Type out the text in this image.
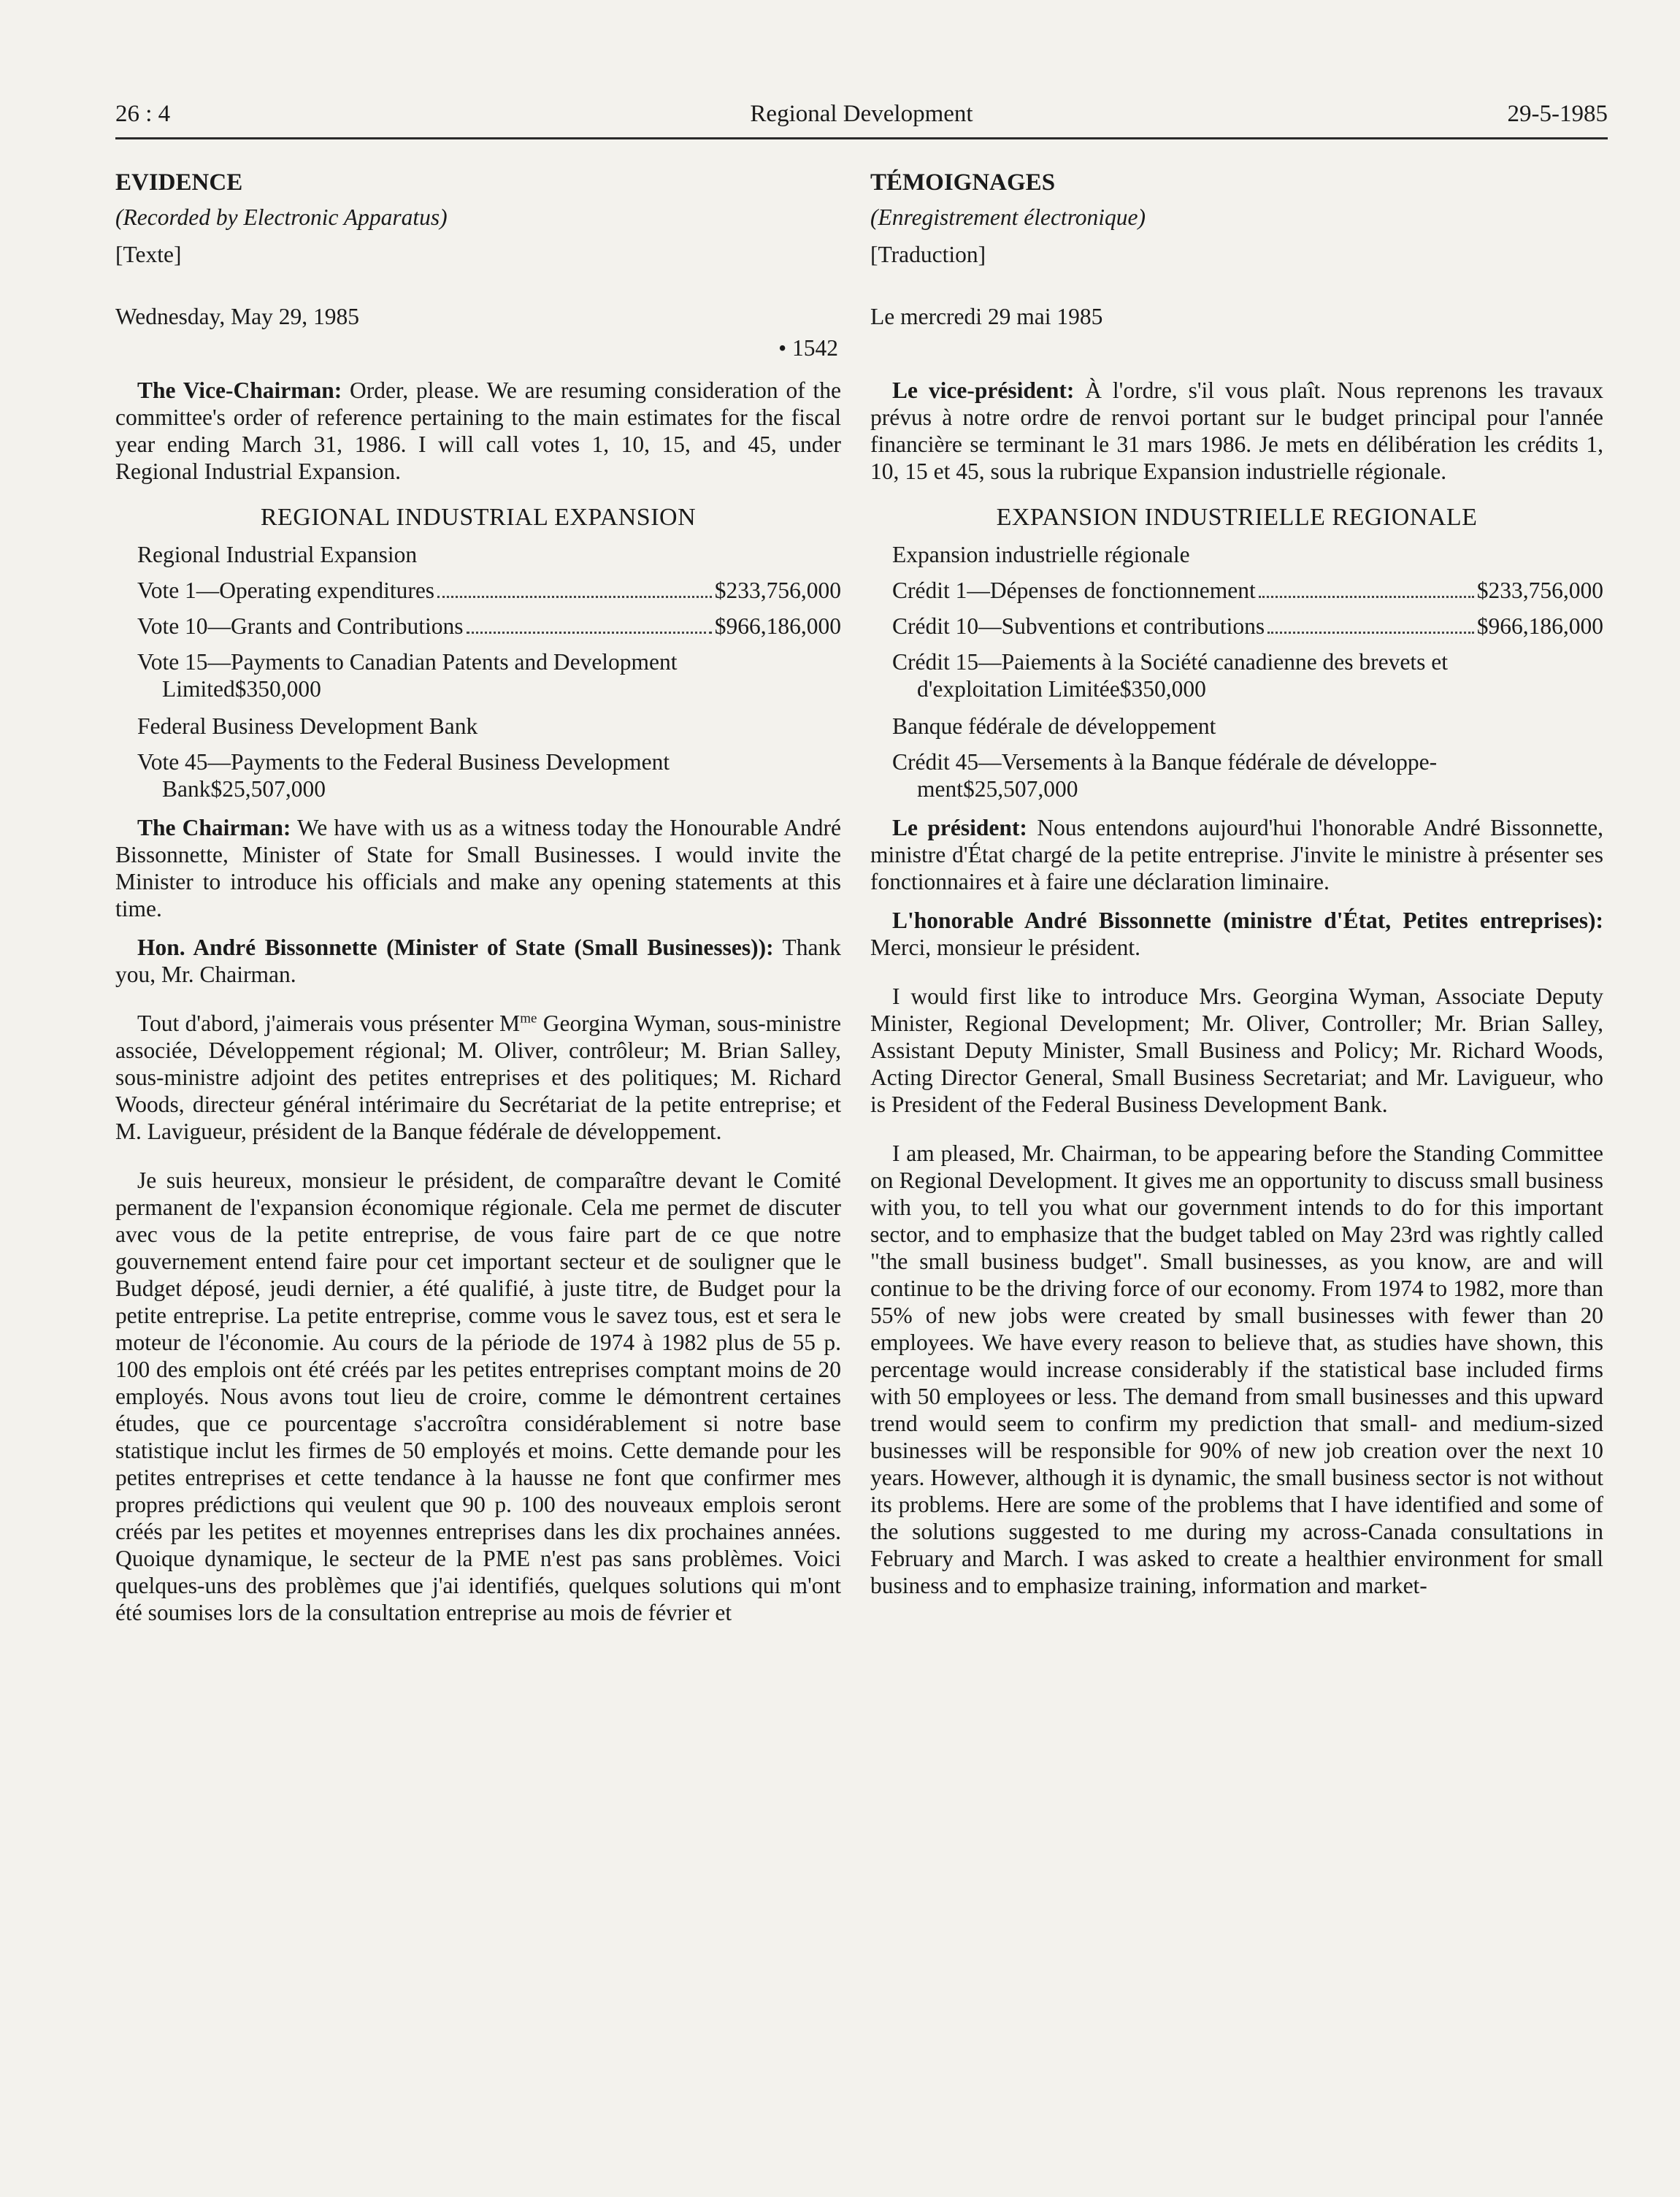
26 : 4	Regional Development	29-5-1985
EVIDENCE
(Recorded by Electronic Apparatus)
[Texte]
Wednesday, May 29, 1985
• 1542

The Vice-Chairman: Order, please. We are resuming consideration of the committee's order of reference pertaining to the main estimates for the fiscal year ending March 31, 1986. I will call votes 1, 10, 15, and 45, under Regional Industrial Expansion.

REGIONAL INDUSTRIAL EXPANSION
Regional Industrial Expansion
Vote 1—Operating expenditures	$233,756,000
Vote 10—Grants and Contributions	$966,186,000
Vote 15—Payments to Canadian Patents and Development
Limited $350,000
Federal Business Development Bank
Vote 45—Payments to the Federal Business Development
Bank $25,507,000

The Chairman: We have with us as a witness today the Honourable André Bissonnette, Minister of State for Small Businesses. I would invite the Minister to introduce his officials and make any opening statements at this time.

Hon. André Bissonnette (Minister of State (Small Businesses)): Thank you, Mr. Chairman.

Tout d'abord, j'aimerais vous présenter $M^{me}$ Georgina Wyman, sous-ministre associée, Développement régional; M. Oliver, contrôleur; M. Brian Salley, sous-ministre adjoint des petites entreprises et des politiques; M. Richard Woods, directeur général intérimaire du Secrétariat de la petite entreprise; et M. Lavigueur, président de la Banque fédérale de développement.

Je suis heureux, monsieur le président, de comparaître devant le Comité permanent de l'expansion économique régionale. Cela me permet de discuter avec vous de la petite entreprise, de vous faire part de ce que notre gouvernement entend faire pour cet important secteur et de souligner que le Budget déposé, jeudi dernier, a été qualifié, à juste titre, de Budget pour la petite entreprise. La petite entreprise, comme vous le savez tous, est et sera le moteur de l'économie. Au cours de la période de 1974 à 1982 plus de 55 p. 100 des emplois ont été créés par les petites entreprises comptant moins de 20 employés. Nous avons tout lieu de croire, comme le démontrent certaines études, que ce pourcentage s'accroîtra considérablement si notre base statistique inclut les firmes de 50 employés et moins. Cette demande pour les petites entreprises et cette tendance à la hausse ne font que confirmer mes propres prédictions qui veulent que 90 p. 100 des nouveaux emplois seront créés par les petites et moyennes entreprises dans les dix prochaines années. Quoique dynamique, le secteur de la PME n'est pas sans problèmes. Voici quelques-uns des problèmes que j'ai identifiés, quelques solutions qui m'ont été soumises lors de la consultation entreprise au mois de février et

TÉMOIGNAGES
(Enregistrement électronique)
[Traduction]
Le mercredi 29 mai 1985

Le vice-président: À l'ordre, s'il vous plaît. Nous reprenons les travaux prévus à notre ordre de renvoi portant sur le budget principal pour l'année financière se terminant le 31 mars 1986. Je mets en délibération les crédits 1, 10, 15 et 45, sous la rubrique Expansion industrielle régionale.

EXPANSION INDUSTRIELLE REGIONALE
Expansion industrielle régionale
Crédit 1—Dépenses de fonctionnement	$233,756,000
Crédit 10—Subventions et contributions	$966,186,000
Crédit 15—Paiements à la Société canadienne des brevets et
d'exploitation Limitée $350,000
Banque fédérale de développement
Crédit 45—Versements à la Banque fédérale de développe-
ment $25,507,000

Le président: Nous entendons aujourd'hui l'honorable André Bissonnette, ministre d'État chargé de la petite entreprise. J'invite le ministre à présenter ses fonctionnaires et à faire une déclaration liminaire.

L'honorable André Bissonnette (ministre d'État, Petites entreprises): Merci, monsieur le président.

I would first like to introduce Mrs. Georgina Wyman, Associate Deputy Minister, Regional Development; Mr. Oliver, Controller; Mr. Brian Salley, Assistant Deputy Minister, Small Business and Policy; Mr. Richard Woods, Acting Director General, Small Business Secretariat; and Mr. Lavigueur, who is President of the Federal Business Development Bank.

I am pleased, Mr. Chairman, to be appearing before the Standing Committee on Regional Development. It gives me an opportunity to discuss small business with you, to tell you what our government intends to do for this important sector, and to emphasize that the budget tabled on May 23rd was rightly called "the small business budget". Small businesses, as you know, are and will continue to be the driving force of our economy. From 1974 to 1982, more than 55% of new jobs were created by small businesses with fewer than 20 employees. We have every reason to believe that, as studies have shown, this percentage would increase considerably if the statistical base included firms with 50 employees or less. The demand from small businesses and this upward trend would seem to confirm my prediction that small- and medium-sized businesses will be responsible for 90% of new job creation over the next 10 years. However, although it is dynamic, the small business sector is not without its problems. Here are some of the problems that I have identified and some of the solutions suggested to me during my across-Canada consultations in February and March. I was asked to create a healthier environment for small business and to emphasize training, information and market-
